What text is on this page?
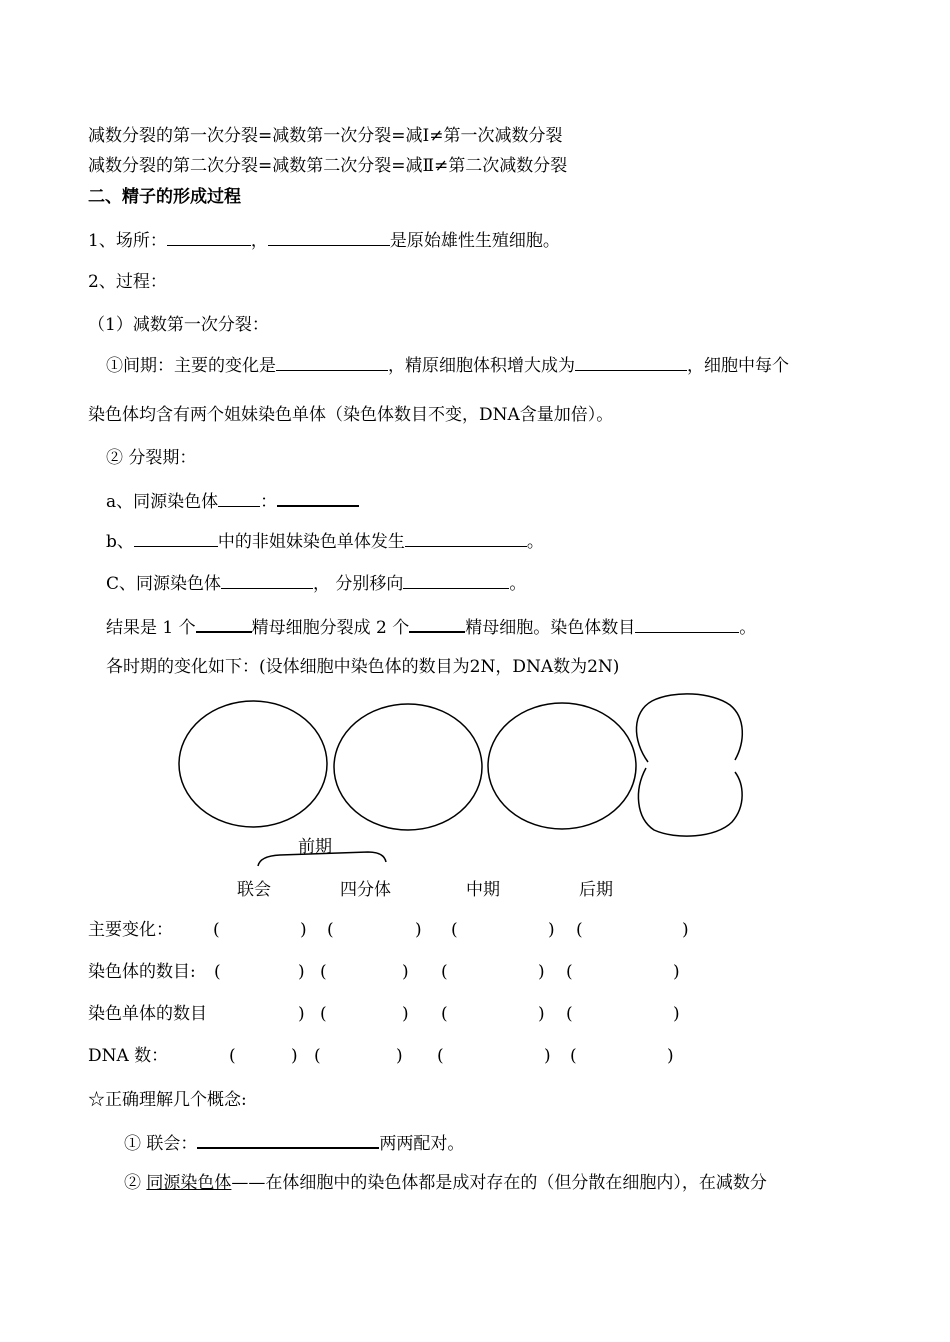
减数分裂的第一次分裂=减数第一次分裂=减Ⅰ≠第一次减数分裂
减数分裂的第二次分裂=减数第二次分裂=减Ⅱ≠第二次减数分裂
二、精子的形成过程
1、场所：	，	是原始雄性生殖细胞。
2、过程：
（1）减数第一次分裂：
①间期：主要的变化是	，精原细胞体积增大成为	，细胞中每个
染色体均含有两个姐妹染色单体（染色体数目不变，DNA含量加倍）。
② 分裂期：
a、同源染色体 ：
b、	中的非姐妹染色单体发生	。
C、同源染色体	， 分别移向	。
结果是 1 个	精母细胞分裂成 2 个	精母细胞。染色体数目	。
各时期的变化如下：(设体细胞中染色体的数目为2N，DNA数为2N)
前期
联会	四分体	中期	后期
主要变化： (	) (	) (	) (	)
染色体的数目: (	) (	) (	) (	)
染色单体的数目	) (	) (	) (	)
DNA 数：	(	) (	) (	) (	)
☆正确理解几个概念:
① 联会：	两两配对。
② 同源染色体——在体细胞中的染色体都是成对存在的（但分散在细胞内），在减数分
